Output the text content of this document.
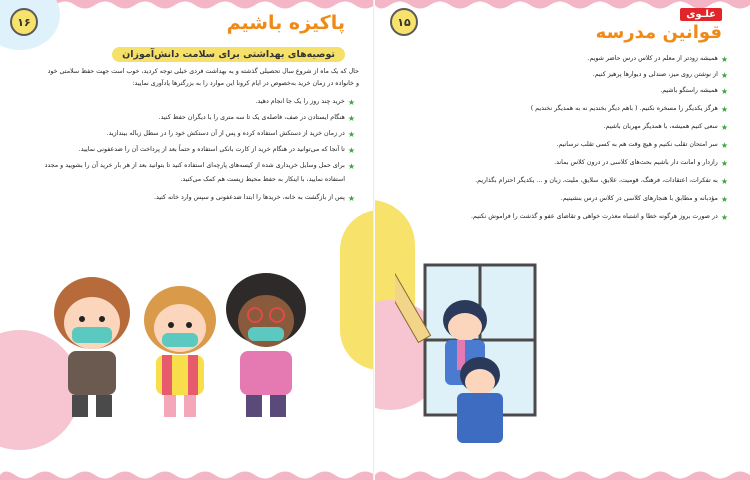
۱۶	پاکیزه باشیم
توصیه‌های بهداشتی برای سلامت دانش‌آموزان
حال که یک ماه از شروع سال تحصیلی گذشته و به بهداشت فردی خیلی توجه کردید، خوب است جهت حفظ سلامتی خود
و خانواده در زمان خرید به‌خصوص در ایام کرونا این موارد را به بزرگترها یادآوری نمایید:
★
خرید چند روز را یک جا انجام دهید.
★
هنگام ایستادن در صف، فاصله‌ی یک تا سه متری را با دیگران حفظ کنید.
★
در زمان خرید از دستکش استفاده کرده و پس از آن دستکش خود را در سطل زباله بیندازید.
★
تا آنجا که می‌توانید در هنگام خرید از کارت بانکی استفاده و حتماً بعد از پرداخت آن را ضدعفونی نمایید.
★
برای حمل وسایل خریداری شده از کیسه‌های پارچه‌ای استفاده کنید تا بتوانید بعد از هر بار خرید آن را بشویید و مجدد
استفاده نمایید، با اینکار به حفظ محیط زیست هم کمک می‌کنید.
★
پس از بازگشت به خانه، خریدها را ابتدا ضدعفونی و سپس وارد خانه کنید.
۱۵
علـوی
قوانین مدرسه
★
همیشه زودتر از معلم در کلاس درس حاضر شویم.
★
از نوشتن روی میز، صندلی و دیوارها پرهیز کنیم.
★
همیشه راستگو باشیم.
★
هرگز یکدیگر را مسخره نکنیم. ( باهم دیگر بخندیم نه به همدیگر نخندیم )
★
سعی کنیم همیشه، با همدیگر مهربان باشیم.
★
سر امتحان تقلب نکنیم و هیچ وقت هم به کسی تقلب نرسانیم.
★
رازدار و امانت دار باشیم بحث‌های کلاسی در درون کلاس بماند.
★
به تفکرات، اعتقادات، فرهنگ، قومیت، علایق، سلایق، ملیت، زبان و ... یکدیگر احترام بگذاریم.
★
مؤدبانه و مطابق با هنجارهای کلاسی در کلاس درس بنشینیم.
★
در صورت بروز هرگونه خطا و اشتباه معذرت خواهی و تقاضای عفو و گذشت را فراموش نکنیم.
